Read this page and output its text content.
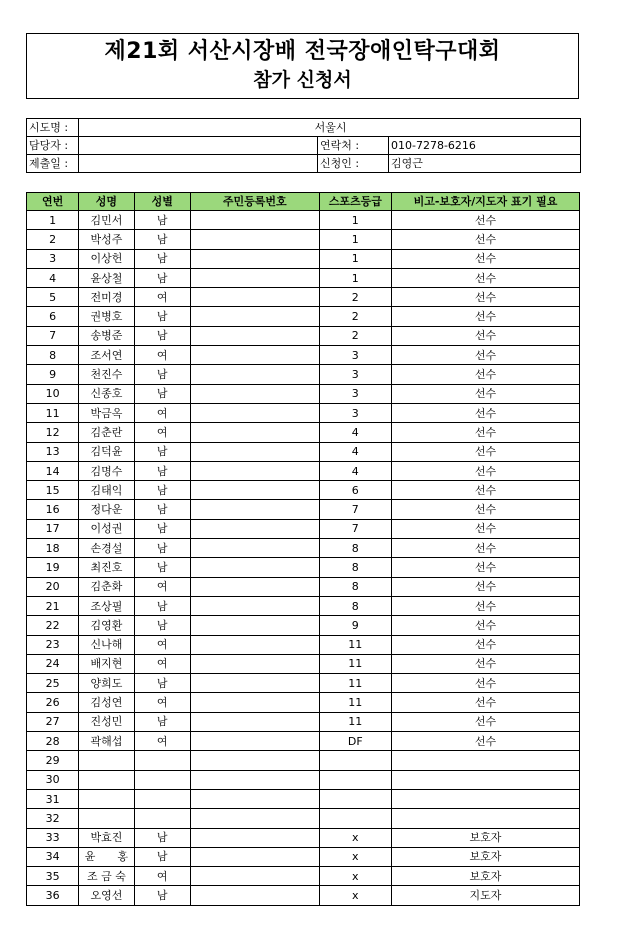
제21회 서산시장배 전국장애인탁구대회
참가 신청서
시도명 :	서울시		
담당자 :		연락처 :	010-7278-6216
제출일 :		신청인 :	김영근
연번	성명	성별	주민등록번호	스포츠등급	비고-보호자/지도자 표기 필요
1	김민서	남		1	선수
2	박성주	남		1	선수
3	이상헌	남		1	선수
4	윤상철	남		1	선수
5	전미경	여		2	선수
6	권병호	남		2	선수
7	송병준	남		2	선수
8	조서연	여		3	선수
9	천진수	남		3	선수
10	신종호	남		3	선수
11	박금옥	여		3	선수
12	김춘란	여		4	선수
13	김덕윤	남		4	선수
14	김명수	남		4	선수
15	김태익	남		6	선수
16	정다운	남		7	선수
17	이성권	남		7	선수
18	손경설	남		8	선수
19	최진호	남		8	선수
20	김춘화	여		8	선수
21	조상필	남		8	선수
22	김영환	남		9	선수
23	신나해	여		11	선수
24	배지현	여		11	선수
25	양희도	남		11	선수
26	김성연	여		11	선수
27	진성민	남		11	선수
28	곽해섭	여		DF	선수
29					
30					
31					
32					
33	박효진	남		x	보호자
34	윤　　홍	남		x	보호자
35	조 금 숙	여		x	보호자
36	오영선	남		x	지도자
